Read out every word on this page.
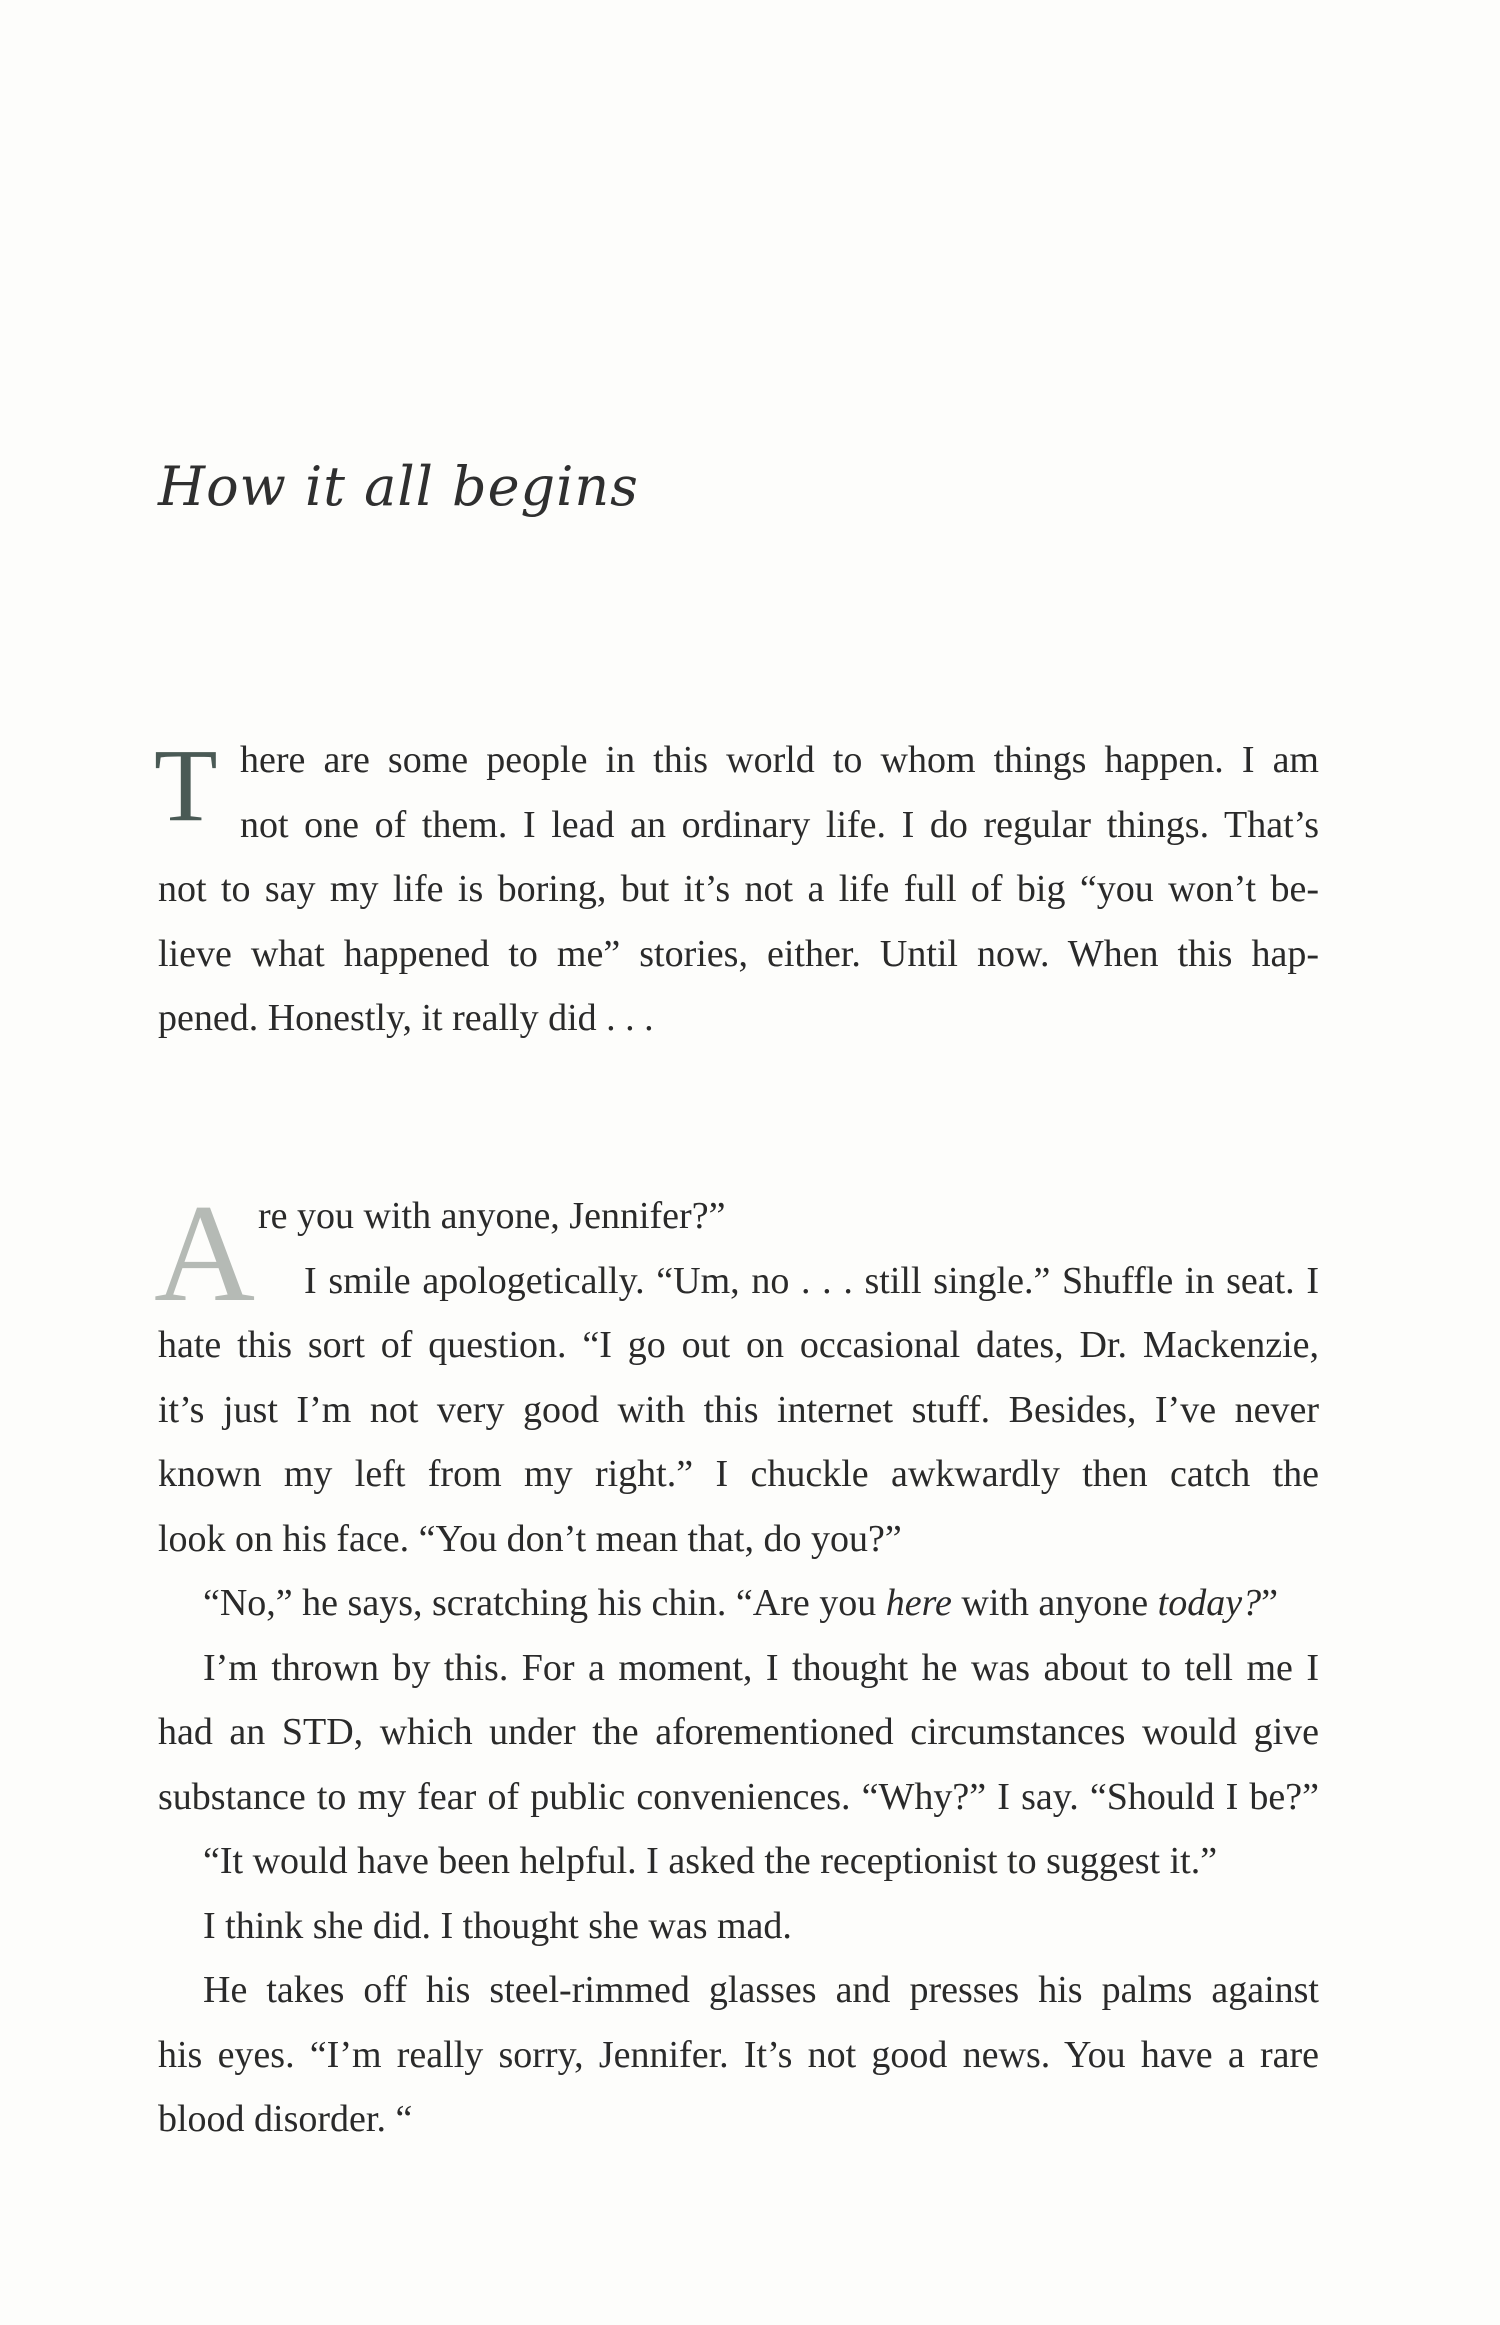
How it all begins
T here are some people in this world to whom things happen. I am
not one of them. I lead an ordinary life. I do regular things. That’s
not to say my life is boring, but it’s not a life full of big “you won’t be-
lieve what happened to me” stories, either. Until now. When this hap-
pened. Honestly, it really did . . .
A re you with anyone, Jennifer?”
I smile apologetically. “Um, no . . . still single.” Shuffle in seat. I
hate this sort of question. “I go out on occasional dates, Dr. Mackenzie,
it’s just I’m not very good with this internet stuff. Besides, I’ve never
known my left from my right.” I chuckle awkwardly then catch the
look on his face. “You don’t mean that, do you?”
“No,” he says, scratching his chin. “Are you here with anyone today?”
I’m thrown by this. For a moment, I thought he was about to tell me I
had an STD, which under the aforementioned circumstances would give
substance to my fear of public conveniences. “Why?” I say. “Should I be?”
“It would have been helpful. I asked the receptionist to suggest it.”
I think she did. I thought she was mad.
He takes off his steel-rimmed glasses and presses his palms against
his eyes. “I’m really sorry, Jennifer. It’s not good news. You have a rare
blood disorder. “
